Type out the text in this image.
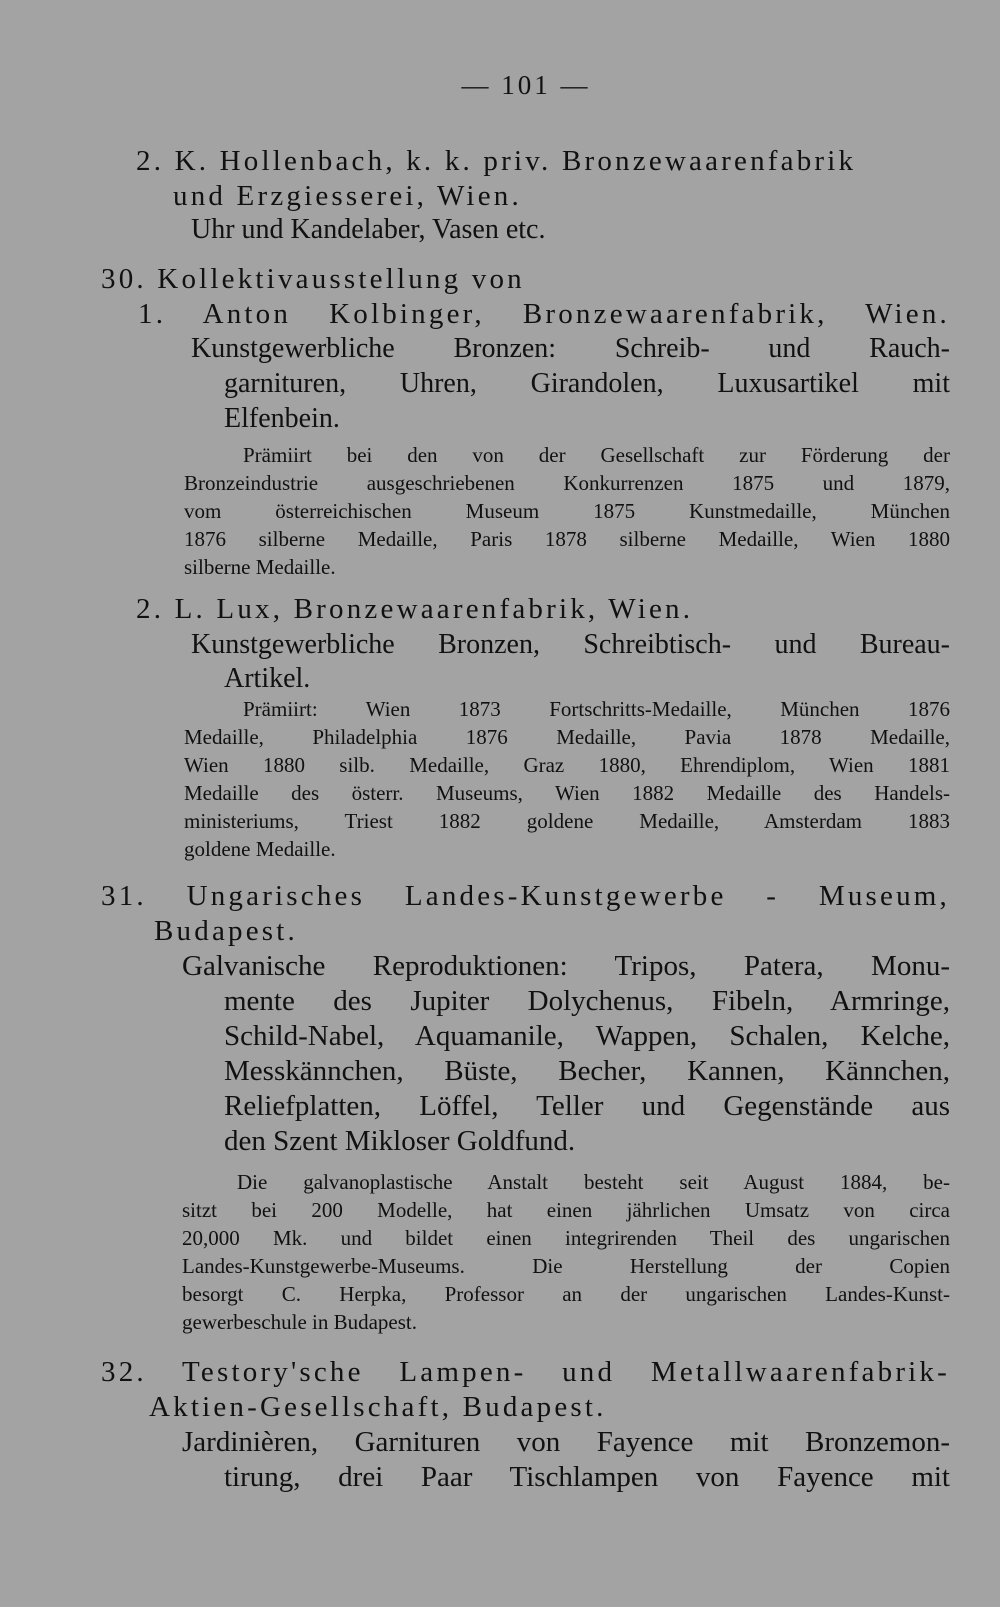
— 101 —
2. K. Hollenbach, k. k. priv. Bronzewaarenfabrik
und Erzgiesserei, Wien.
Uhr und Kandelaber, Vasen etc.
30. Kollektivausstellung von
1. Anton Kolbinger, Bronzewaarenfabrik, Wien.
Kunstgewerbliche Bronzen: Schreib- und Rauch-
garnituren, Uhren, Girandolen, Luxusartikel mit
Elfenbein.
Prämiirt bei den von der Gesellschaft zur Förderung der
Bronzeindustrie ausgeschriebenen Konkurrenzen 1875 und 1879,
vom österreichischen Museum 1875 Kunstmedaille, München
1876 silberne Medaille, Paris 1878 silberne Medaille, Wien 1880
silberne Medaille.
2. L. Lux, Bronzewaarenfabrik, Wien.
Kunstgewerbliche Bronzen, Schreibtisch- und Bureau-
Artikel.
Prämiirt: Wien 1873 Fortschritts-Medaille, München 1876
Medaille, Philadelphia 1876 Medaille, Pavia 1878 Medaille,
Wien 1880 silb. Medaille, Graz 1880, Ehrendiplom, Wien 1881
Medaille des österr. Museums, Wien 1882 Medaille des Handels-
ministeriums, Triest 1882 goldene Medaille, Amsterdam 1883
goldene Medaille.
31. Ungarisches Landes-Kunstgewerbe - Museum,
Budapest.
Galvanische Reproduktionen: Tripos, Patera, Monu-
mente des Jupiter Dolychenus, Fibeln, Armringe,
Schild-Nabel, Aquamanile, Wappen, Schalen, Kelche,
Messkännchen, Büste, Becher, Kannen, Kännchen,
Reliefplatten, Löffel, Teller und Gegenstände aus
den Szent Mikloser Goldfund.
Die galvanoplastische Anstalt besteht seit August 1884, be-
sitzt bei 200 Modelle, hat einen jährlichen Umsatz von circa
20,000 Mk. und bildet einen integrirenden Theil des ungarischen
Landes-Kunstgewerbe-Museums. Die Herstellung der Copien
besorgt C. Herpka, Professor an der ungarischen Landes-Kunst-
gewerbeschule in Budapest.
32. Testory'sche Lampen- und Metallwaarenfabrik-
Aktien-Gesellschaft, Budapest.
Jardinièren, Garnituren von Fayence mit Bronzemon-
tirung, drei Paar Tischlampen von Fayence mit
